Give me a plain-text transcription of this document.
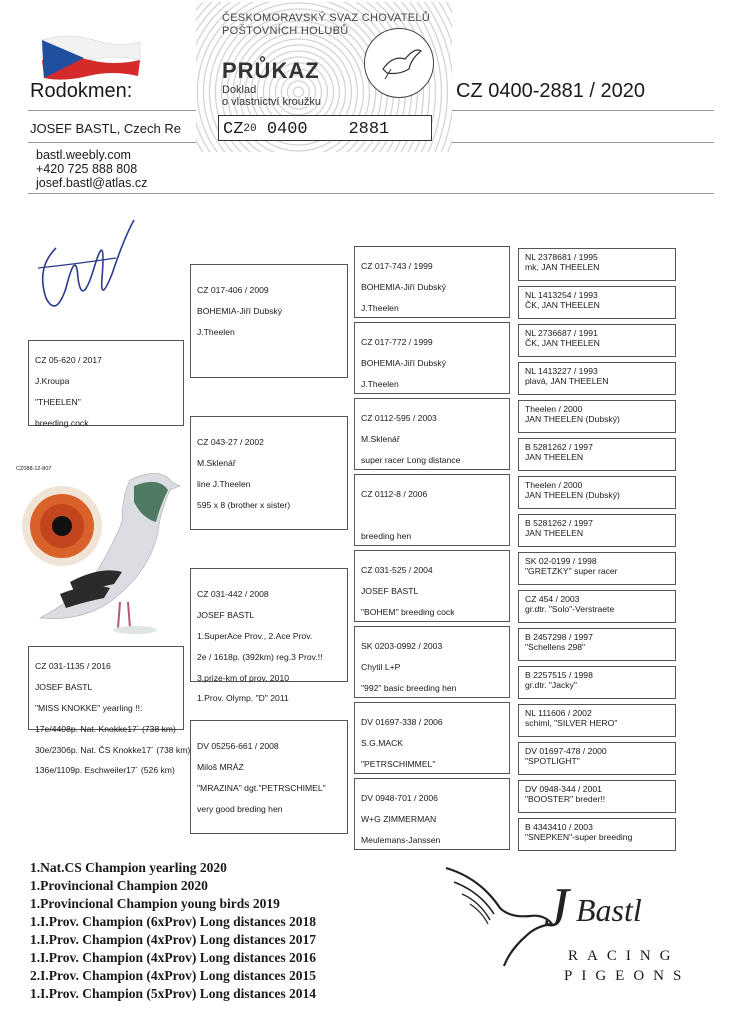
Rodokmen:	CZ 0400-2881 / 2020
JOSEF BASTL, Czech Re
bastl.weebly.com
+420 725 888 808
josef.bastl@atlas.cz
ČESKOMORAVSKÝ SVAZ CHOVATELŮ
POŠTOVNÍCH HOLUBŮ
PRŮKAZ
Doklad
o vlastnictví kroužku
CZ20 0400 2881
CZ088-12-807

CZ 031-1135 / 2016

JOSEF BASTL

"MISS KNOKKE" yearling !!:

17e/4408p. Nat. Knokke17´ (738 km)

30e/2306p. Nat. ČS Knokke17´ (738 km)

136e/1109p. Eschweiler17´ (526 km)

CZ 05-620 / 2017

J.Kroupa

"THEELEN"

breeding cock

CZ 017-406 / 2009

BOHEMIA-Jiří Dubský

J.Theelen

CZ 043-27 / 2002

M.Sklenář

line J.Theelen

595 x 8 (brother x sister)

CZ 031-442 / 2008

JOSEF BASTL

1.SuperAce Prov., 2.Ace Prov.

2e / 1618p. (392km) reg.3 Prov.!!

3.prize-km of prov. 2010

1.Prov. Olymp. "D" 2011

DV 05256-661 / 2008

Miloš MRÁZ

"MRAZINA" dgt."PETRSCHIMEL"

very good breding hen

CZ 017-743 / 1999

BOHEMIA-Jiří Dubský

J.Theelen

CZ 017-772 / 1999

BOHEMIA-Jiří Dubský

J.Theelen

CZ 0112-595 / 2003

M.Sklenář

super racer Long distance

CZ 0112-8 / 2006

breeding hen

CZ 031-525 / 2004

JOSEF BASTL

"BOHEM" breeding cock

SK 0203-0992 / 2003

Chytil L+P

"992" basic breeding hen

DV 01697-338 / 2006

S.G.MACK

"PETRSCHIMMEL"

DV 0948-701 / 2006

W+G ZIMMERMAN

Meulemans-Janssen

NL 2378681 / 1995
mk, JAN THEELEN
NL 1413254 / 1993
ČK, JAN THEELEN
NL 2736687 / 1991
ČK, JAN THEELEN
NL 1413227 / 1993
plavá, JAN THEELEN
Theelen / 2000
JAN THEELEN (Dubský)
B 5281262 / 1997
JAN THEELEN
Theelen / 2000
JAN THEELEN (Dubský)
B 5281262 / 1997
JAN THEELEN
SK 02-0199 / 1998
"GRETZKY" super racer
CZ 454 / 2003
gr.dtr. "Solo"-Verstraete
B 2457298 / 1997
"Schellens 298"
B 2257515 / 1998
gr.dtr. "Jacky"
NL 111606 / 2002
schiml, "SILVER HERO"
DV 01697-478 / 2000
"SPOTLIGHT"
DV 0948-344 / 2001
"BOOSTER" breder!!
B 4343410 / 2003
"SNEPKEN"-super breeding
1.Nat.CS Champion yearling 2020
1.Provincional Champion 2020
1.Provincional Champion young birds 2019
1.I.Prov. Champion (6xProv) Long distances 2018
1.I.Prov. Champion (4xProv) Long distances 2017
1.I.Prov. Champion (4xProv) Long distances 2016
2.I.Prov. Champion (4xProv) Long distances 2015
1.I.Prov. Champion (5xProv) Long distances 2014
J Bastl
RACING
PIGEONS
